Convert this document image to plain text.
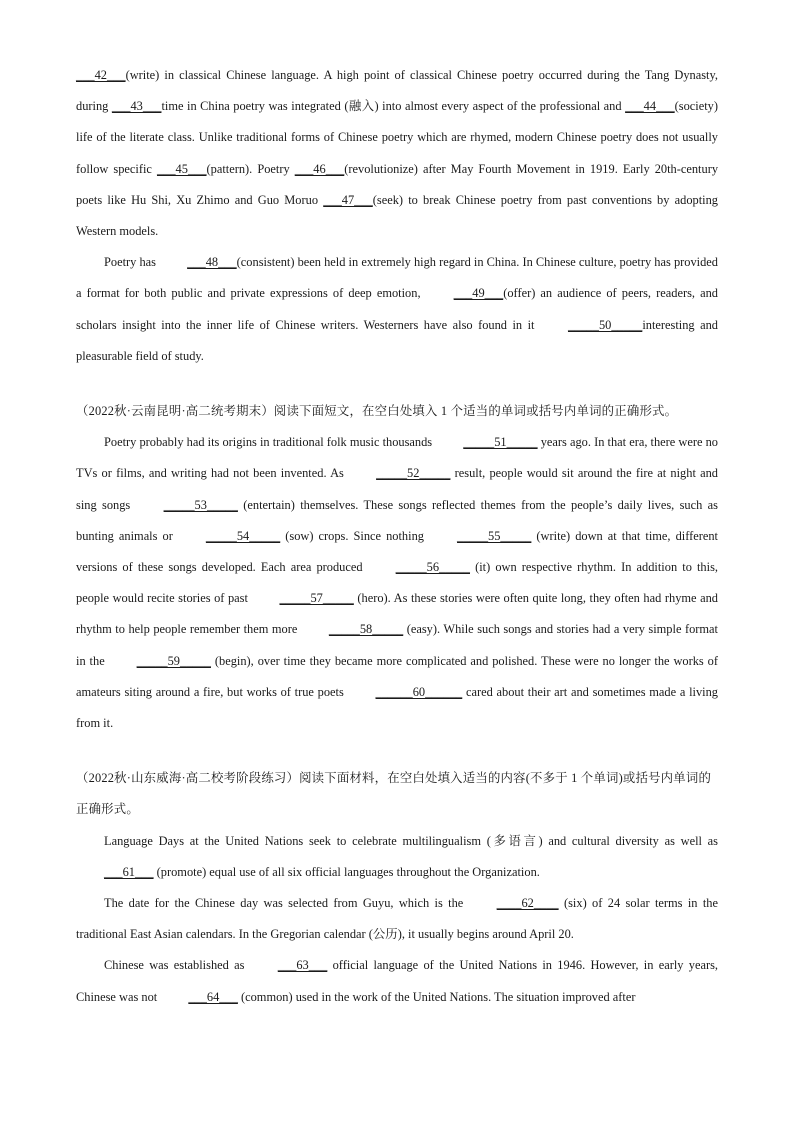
___42___(write) in classical Chinese language. A high point of classical Chinese poetry occurred during the Tang Dynasty, during ___43___time in China poetry was integrated (融入) into almost every aspect of the professional and ___44___(society) life of the literate class. Unlike traditional forms of Chinese poetry which are rhymed, modern Chinese poetry does not usually follow specific ___45___(pattern). Poetry ___46___(revolutionize) after May Fourth Movement in 1919. Early 20th-century poets like Hu Shi, Xu Zhimo and Guo Moruo ___47___(seek) to break Chinese poetry from past conventions by adopting Western models.

Poetry has ___48___(consistent) been held in extremely high regard in China. In Chinese culture, poetry has provided a format for both public and private expressions of deep emotion, ___49___(offer) an audience of peers, readers, and scholars insight into the inner life of Chinese writers. Westerners have also found in it _____50_____interesting and pleasurable field of study.

（2022秋·云南昆明·高二统考期末）阅读下面短文，在空白处填入 1 个适当的单词或括号内单词的正确形式。

Poetry probably had its origins in traditional folk music thousands _____51_____ years ago. In that era, there were no TVs or films, and writing had not been invented. As _____52_____ result, people would sit around the fire at night and sing songs _____53_____ (entertain) themselves. These songs reflected themes from the people’s daily lives, such as bunting animals or _____54_____ (sow) crops. Since nothing _____55_____ (write) down at that time, different versions of these songs developed. Each area produced _____56_____ (it) own respective rhythm. In addition to this, people would recite stories of past _____57_____ (hero). As these stories were often quite long, they often had rhyme and rhythm to help people remember them more _____58_____ (easy). While such songs and stories had a very simple format in the _____59_____ (begin), over time they became more complicated and polished. These were no longer the works of amateurs siting around a fire, but works of true poets ______60______ cared about their art and sometimes made a living from it.

（2022秋·山东威海·高二校考阶段练习）阅读下面材料，在空白处填入适当的内容(不多于 1 个单词)或括号内单词的正确形式。

Language Days at the United Nations seek to celebrate multilingualism (多语言) and cultural diversity as well as ___61___ (promote) equal use of all six official languages throughout the Organization.

The date for the Chinese day was selected from Guyu, which is the ____62____ (six) of 24 solar terms in the traditional East Asian calendars. In the Gregorian calendar (公历), it usually begins around April 20.

Chinese was established as ___63___ official language of the United Nations in 1946. However, in early years, Chinese was not ___64___ (common) used in the work of the United Nations. The situation improved after
